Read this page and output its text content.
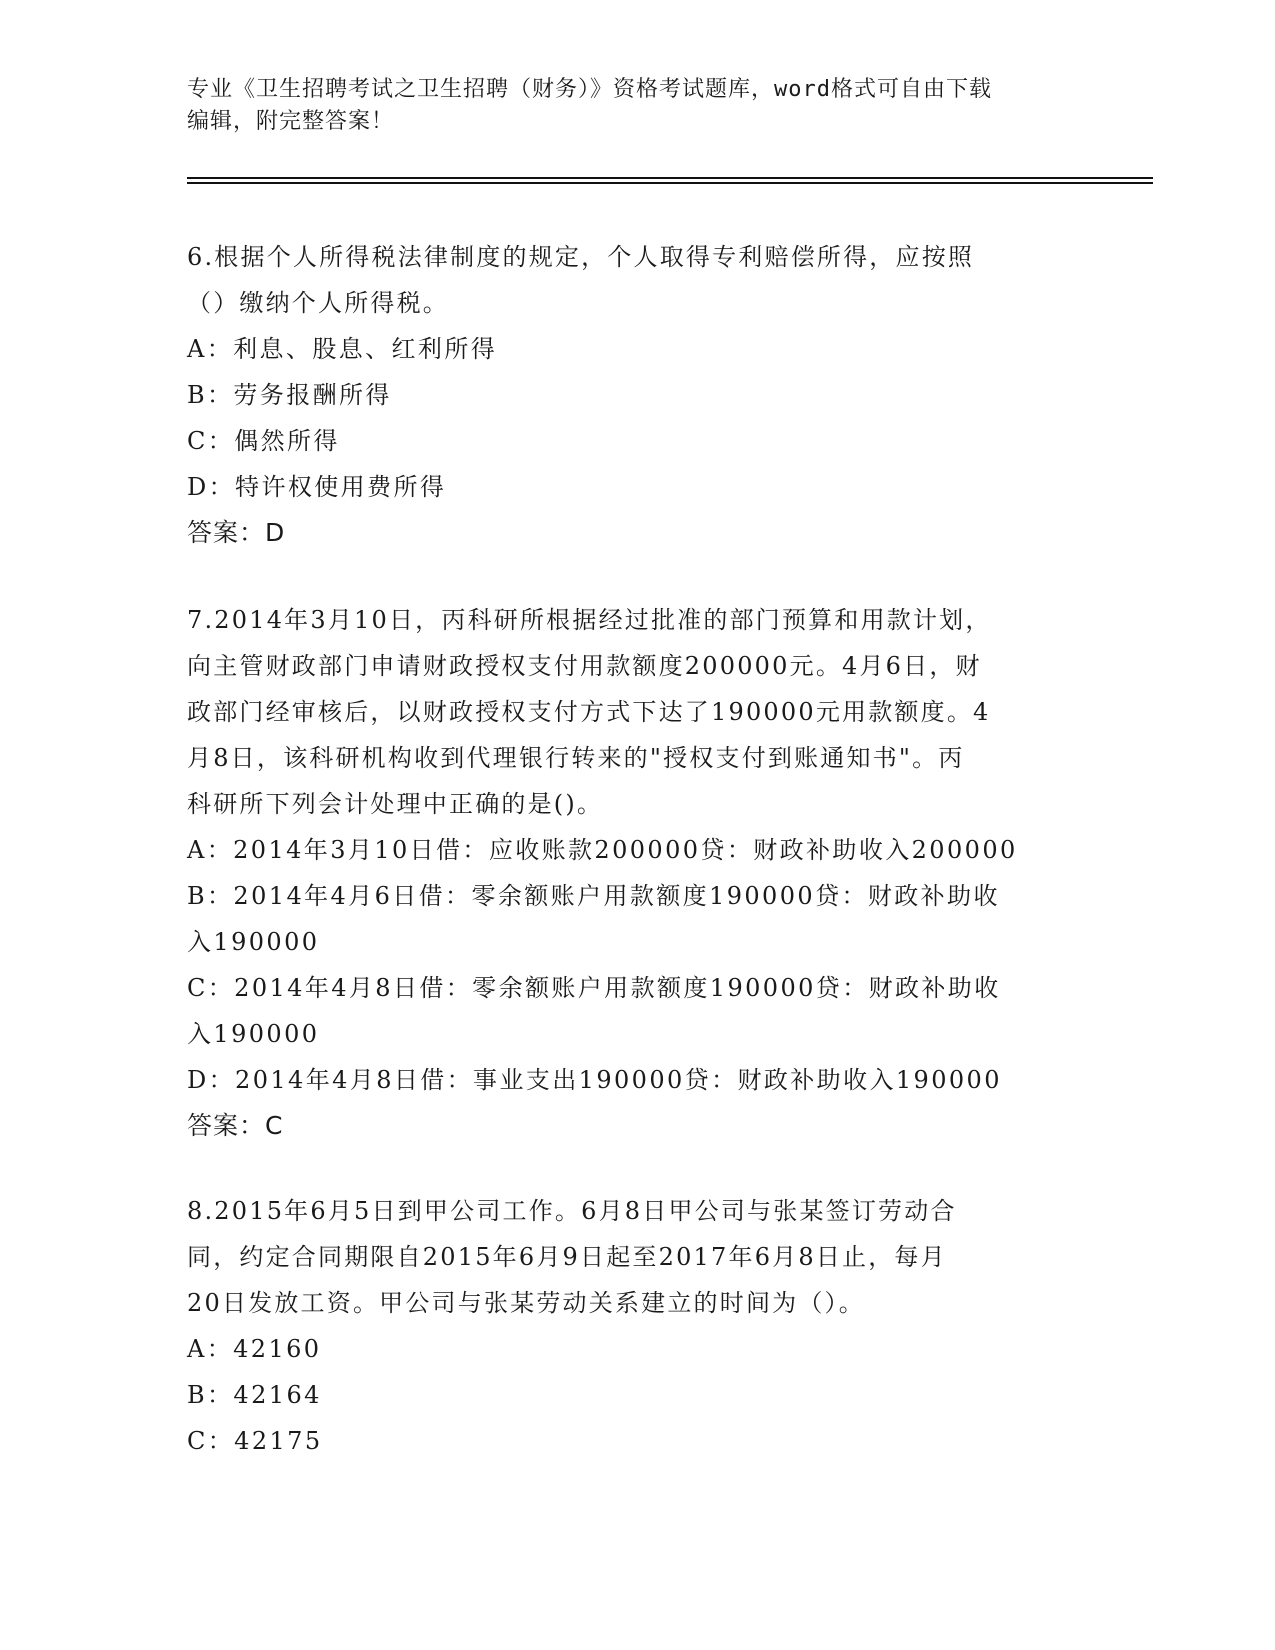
专业《卫生招聘考试之卫生招聘（财务）》资格考试题库，word格式可自由下载
编辑，附完整答案！
6.根据个人所得税法律制度的规定，个人取得专利赔偿所得，应按照
（）缴纳个人所得税。
A：利息、股息、红利所得
B：劳务报酬所得
C：偶然所得
D：特许权使用费所得
答案：D
7.2014年3月10日，丙科研所根据经过批准的部门预算和用款计划，
向主管财政部门申请财政授权支付用款额度200000元。4月6日，财
政部门经审核后，以财政授权支付方式下达了190000元用款额度。4
月8日，该科研机构收到代理银行转来的"授权支付到账通知书"。丙
科研所下列会计处理中正确的是()。
A：2014年3月10日借：应收账款200000贷：财政补助收入200000
B：2014年4月6日借：零余额账户用款额度190000贷：财政补助收
入190000
C：2014年4月8日借：零余额账户用款额度190000贷：财政补助收
入190000
D：2014年4月8日借：事业支出190000贷：财政补助收入190000
答案：C
8.2015年6月5日到甲公司工作。6月8日甲公司与张某签订劳动合
同，约定合同期限自2015年6月9日起至2017年6月8日止，每月
20日发放工资。甲公司与张某劳动关系建立的时间为（）。
A：42160
B：42164
C：42175
